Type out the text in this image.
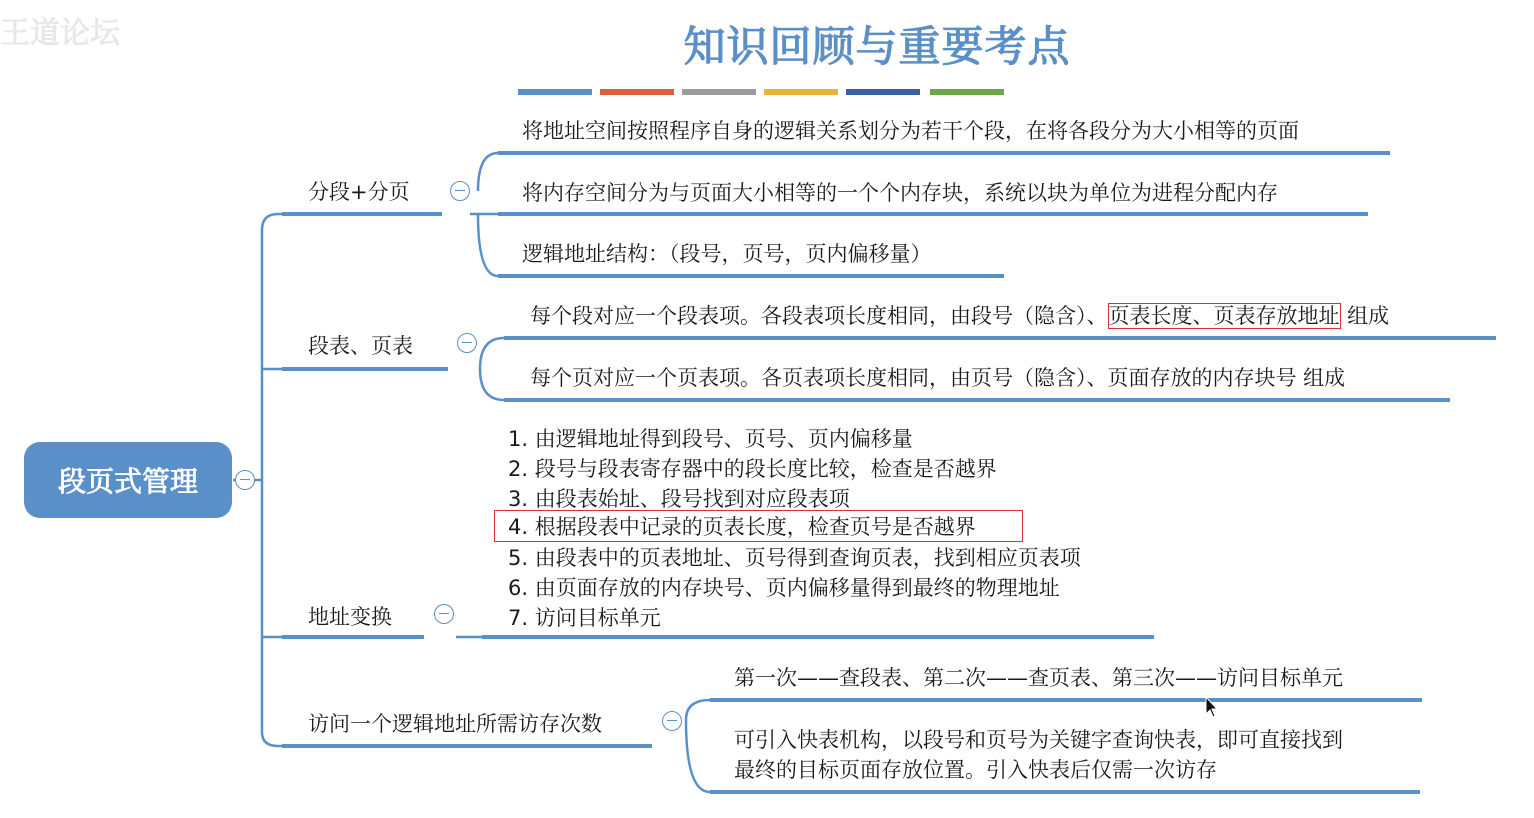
王道论坛	知识回顾与重要考点
段页式管理
分段+分页
将地址空间按照程序自身的逻辑关系划分为若干个段，在将各段分为大小相等的页面
将内存空间分为与页面大小相等的一个个内存块，系统以块为单位为进程分配内存
逻辑地址结构：（段号，页号，页内偏移量）
段表、页表
每个段对应一个段表项。各段表项长度相同，由段号（隐含）、页表长度、页表存放地址 组成
每个页对应一个页表项。各页表项长度相同，由页号（隐含）、页面存放的内存块号 组成
地址变换
1. 由逻辑地址得到段号、页号、页内偏移量
2. 段号与段表寄存器中的段长度比较，检查是否越界
3. 由段表始址、段号找到对应段表项
4. 根据段表中记录的页表长度，检查页号是否越界
5. 由段表中的页表地址、页号得到查询页表，找到相应页表项
6. 由页面存放的内存块号、页内偏移量得到最终的物理地址
7. 访问目标单元
访问一个逻辑地址所需访存次数
第一次——查段表、第二次——查页表、第三次——访问目标单元
可引入快表机构，以段号和页号为关键字查询快表，即可直接找到
最终的目标页面存放位置。引入快表后仅需一次访存
